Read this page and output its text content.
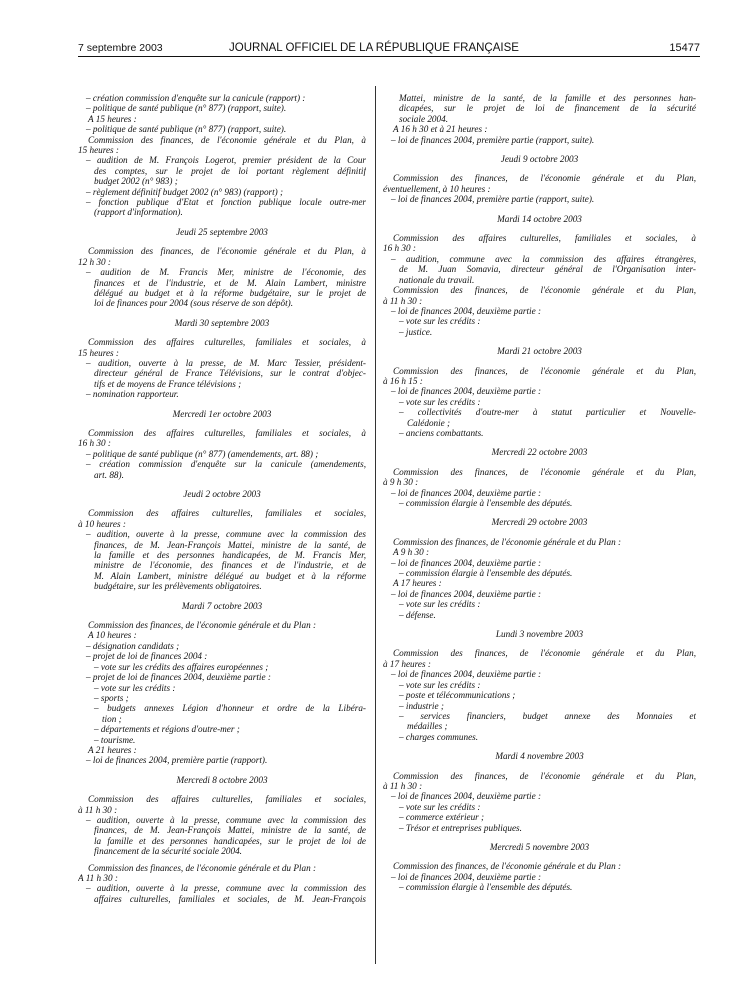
7 septembre 2003	JOURNAL OFFICIEL DE LA RÉPUBLIQUE FRANÇAISE	15477
– création commission d'enquête sur la canicule (rapport) :
– politique de santé publique (n° 877) (rapport, suite).
A 15 heures :
– politique de santé publique (n° 877) (rapport, suite).
Commission des finances, de l'économie générale et du Plan, à
15 heures :
– audition de M. François Logerot, premier président de la Cour
des comptes, sur le projet de loi portant règlement définitif
budget 2002 (n° 983) ;
– règlement définitif budget 2002 (n° 983) (rapport) ;
– fonction publique d'Etat et fonction publique locale outre-mer
(rapport d'information).
Jeudi 25 septembre 2003
Commission des finances, de l'économie générale et du Plan, à
12 h 30 :
– audition de M. Francis Mer, ministre de l'économie, des
finances et de l'industrie, et de M. Alain Lambert, ministre
délégué au budget et à la réforme budgétaire, sur le projet de
loi de finances pour 2004 (sous réserve de son dépôt).
Mardi 30 septembre 2003
Commission des affaires culturelles, familiales et sociales, à
15 heures :
– audition, ouverte à la presse, de M. Marc Tessier, président-
directeur général de France Télévisions, sur le contrat d'objec-
tifs et de moyens de France télévisions ;
– nomination rapporteur.
Mercredi 1er octobre 2003
Commission des affaires culturelles, familiales et sociales, à
16 h 30 :
– politique de santé publique (n° 877) (amendements, art. 88) ;
– création commission d'enquête sur la canicule (amendements,
art. 88).
Jeudi 2 octobre 2003
Commission des affaires culturelles, familiales et sociales,
à 10 heures :
– audition, ouverte à la presse, commune avec la commission des
finances, de M. Jean-François Mattei, ministre de la santé, de
la famille et des personnes handicapées, de M. Francis Mer,
ministre de l'économie, des finances et de l'industrie, et de
M. Alain Lambert, ministre délégué au budget et à la réforme
budgétaire, sur les prélèvements obligatoires.
Mardi 7 octobre 2003
Commission des finances, de l'économie générale et du Plan :
A 10 heures :
– désignation candidats ;
– projet de loi de finances 2004 :
– vote sur les crédits des affaires européennes ;
– projet de loi de finances 2004, deuxième partie :
– vote sur les crédits :
– sports ;
– budgets annexes Légion d'honneur et ordre de la Libéra-
tion ;
– départements et régions d'outre-mer ;
– tourisme.
A 21 heures :
– loi de finances 2004, première partie (rapport).
Mercredi 8 octobre 2003
Commission des affaires culturelles, familiales et sociales,
à 11 h 30 :
– audition, ouverte à la presse, commune avec la commission des
finances, de M. Jean-François Mattei, ministre de la santé, de
la famille et des personnes handicapées, sur le projet de loi de
financement de la sécurité sociale 2004.
Commission des finances, de l'économie générale et du Plan :
A 11 h 30 :
– audition, ouverte à la presse, commune avec la commission des
affaires culturelles, familiales et sociales, de M. Jean-François
Mattei, ministre de la santé, de la famille et des personnes han-
dicapées, sur le projet de loi de financement de la sécurité
sociale 2004.
A 16 h 30 et à 21 heures :
– loi de finances 2004, première partie (rapport, suite).
Jeudi 9 octobre 2003
Commission des finances, de l'économie générale et du Plan,
éventuellement, à 10 heures :
– loi de finances 2004, première partie (rapport, suite).
Mardi 14 octobre 2003
Commission des affaires culturelles, familiales et sociales, à
16 h 30 :
– audition, commune avec la commission des affaires étrangères,
de M. Juan Somavia, directeur général de l'Organisation inter-
nationale du travail.
Commission des finances, de l'économie générale et du Plan,
à 11 h 30 :
– loi de finances 2004, deuxième partie :
– vote sur les crédits :
– justice.
Mardi 21 octobre 2003
Commission des finances, de l'économie générale et du Plan,
à 16 h 15 :
– loi de finances 2004, deuxième partie :
– vote sur les crédits :
– collectivités d'outre-mer à statut particulier et Nouvelle-
Calédonie ;
– anciens combattants.
Mercredi 22 octobre 2003
Commission des finances, de l'économie générale et du Plan,
à 9 h 30 :
– loi de finances 2004, deuxième partie :
– commission élargie à l'ensemble des députés.
Mercredi 29 octobre 2003
Commission des finances, de l'économie générale et du Plan :
A 9 h 30 :
– loi de finances 2004, deuxième partie :
– commission élargie à l'ensemble des députés.
A 17 heures :
– loi de finances 2004, deuxième partie :
– vote sur les crédits :
– défense.
Lundi 3 novembre 2003
Commission des finances, de l'économie générale et du Plan,
à 17 heures :
– loi de finances 2004, deuxième partie :
– vote sur les crédits :
– poste et télécommunications ;
– industrie ;
– services financiers, budget annexe des Monnaies et
médailles ;
– charges communes.
Mardi 4 novembre 2003
Commission des finances, de l'économie générale et du Plan,
à 11 h 30 :
– loi de finances 2004, deuxième partie :
– vote sur les crédits :
– commerce extérieur ;
– Trésor et entreprises publiques.
Mercredi 5 novembre 2003
Commission des finances, de l'économie générale et du Plan :
– loi de finances 2004, deuxième partie :
– commission élargie à l'ensemble des députés.
